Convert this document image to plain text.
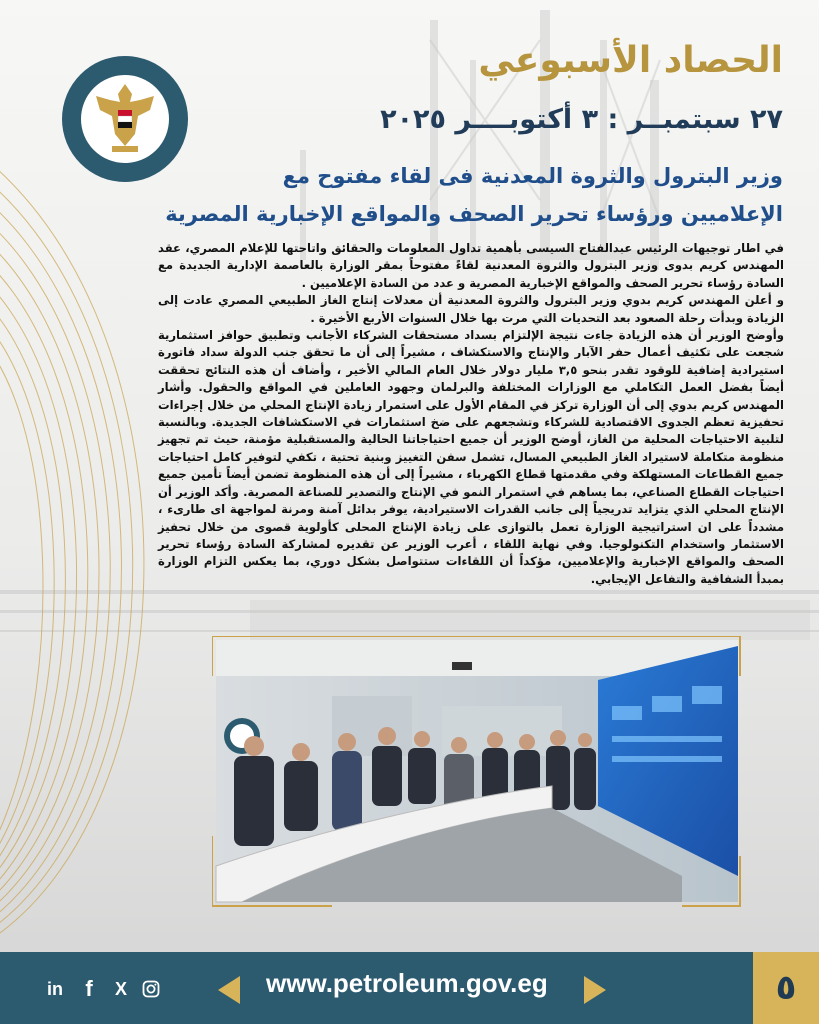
الحصاد الأسبوعي
٢٧ سبتمبــر : ٣ أكتوبــــر ٢٠٢٥
وزير البترول والثروة المعدنية فى لقاء مفتوح مع
الإعلاميين ورؤساء تحرير الصحف والمواقع الإخبارية المصرية

في اطار توجيهات الرئيس عبدالفتاح السيسى بأهمية تداول المعلومات والحقائق واتاحتها للإعلام المصري، عقد المهندس كريم بدوى وزير البترول والثروة المعدنية لقاءً مفتوحاً بمقر الوزارة بالعاصمة الإدارية الجديدة مع السادة رؤساء تحرير الصحف والمواقع الإخبارية المصرية و عدد من السادة الإعلاميين .

و أعلن المهندس كريم بدوي وزير البترول والثروة المعدنية أن معدلات إنتاج الغاز الطبيعي المصري عادت إلى الزيادة وبدأت رحلة الصعود بعد التحديات التي مرت بها خلال السنوات الأربع الأخيرة .

وأوضح الوزير أن هذه الزيادة جاءت نتيجة الإلتزام بسداد مستحقات الشركاء الأجانب وتطبيق حوافز استثمارية شجعت على تكثيف أعمال حفر الآبار والإنتاج والاستكشاف ، مشيراً إلى أن ما تحقق جنب الدولة سداد فاتورة استيرادية إضافية للوقود تقدر بنحو ٣,٥ مليار دولار خلال العام المالي الأخير ، وأضاف أن هذه النتائج تحققت أيضاً بفضل العمل التكاملي مع الوزارات المختلفة والبرلمان وجهود العاملين في المواقع والحقول. وأشار المهندس كريم بدوي إلى أن الوزارة تركز في المقام الأول على استمرار زيادة الإنتاج المحلي من خلال إجراءات تحفيزية تعظم الجدوى الاقتصادية للشركاء وتشجعهم على ضخ استثمارات في الاستكشافات الجديدة. وبالنسبة لتلبية الاحتياجات المحلية من الغاز، أوضح الوزير أن جميع احتياجاتنا الحالية والمستقبلية مؤمنة، حيث تم تجهيز منظومة متكاملة لاستيراد الغاز الطبيعي المسال، تشمل سفن التغييز وبنية تحتية ، تكفي لتوفير كامل احتياجات جميع القطاعات المستهلكة وفي مقدمتها قطاع الكهرباء ، مشيراً إلى أن هذه المنظومة تضمن أيضاً تأمين جميع احتياجات القطاع الصناعي، بما يساهم في استمرار النمو في الإنتاج والتصدير للصناعة المصرية. وأكد الوزير أن الإنتاج المحلي الذي يتزايد تدريجياً إلى جانب القدرات الاستيرادية، يوفر بدائل آمنة ومرنة لمواجهة اى طارىء ، مشدداً على ان استراتيجية الوزارة تعمل بالتوازى على زيادة الإنتاج المحلى كأولوية قصوى من خلال تحفيز الاستثمار واستخدام التكنولوجيا. وفي نهاية اللقاء ، أعرب الوزير عن تقديره لمشاركة السادة رؤساء تحرير الصحف والمواقع الإخبارية والإعلاميين، مؤكداً أن اللقاءات ستتواصل بشكل دوري، بما يعكس التزام الوزارة بمبدأ الشفافية والتفاعل الإيجابي.

٥
www.petroleum.gov.eg
in	f	X
